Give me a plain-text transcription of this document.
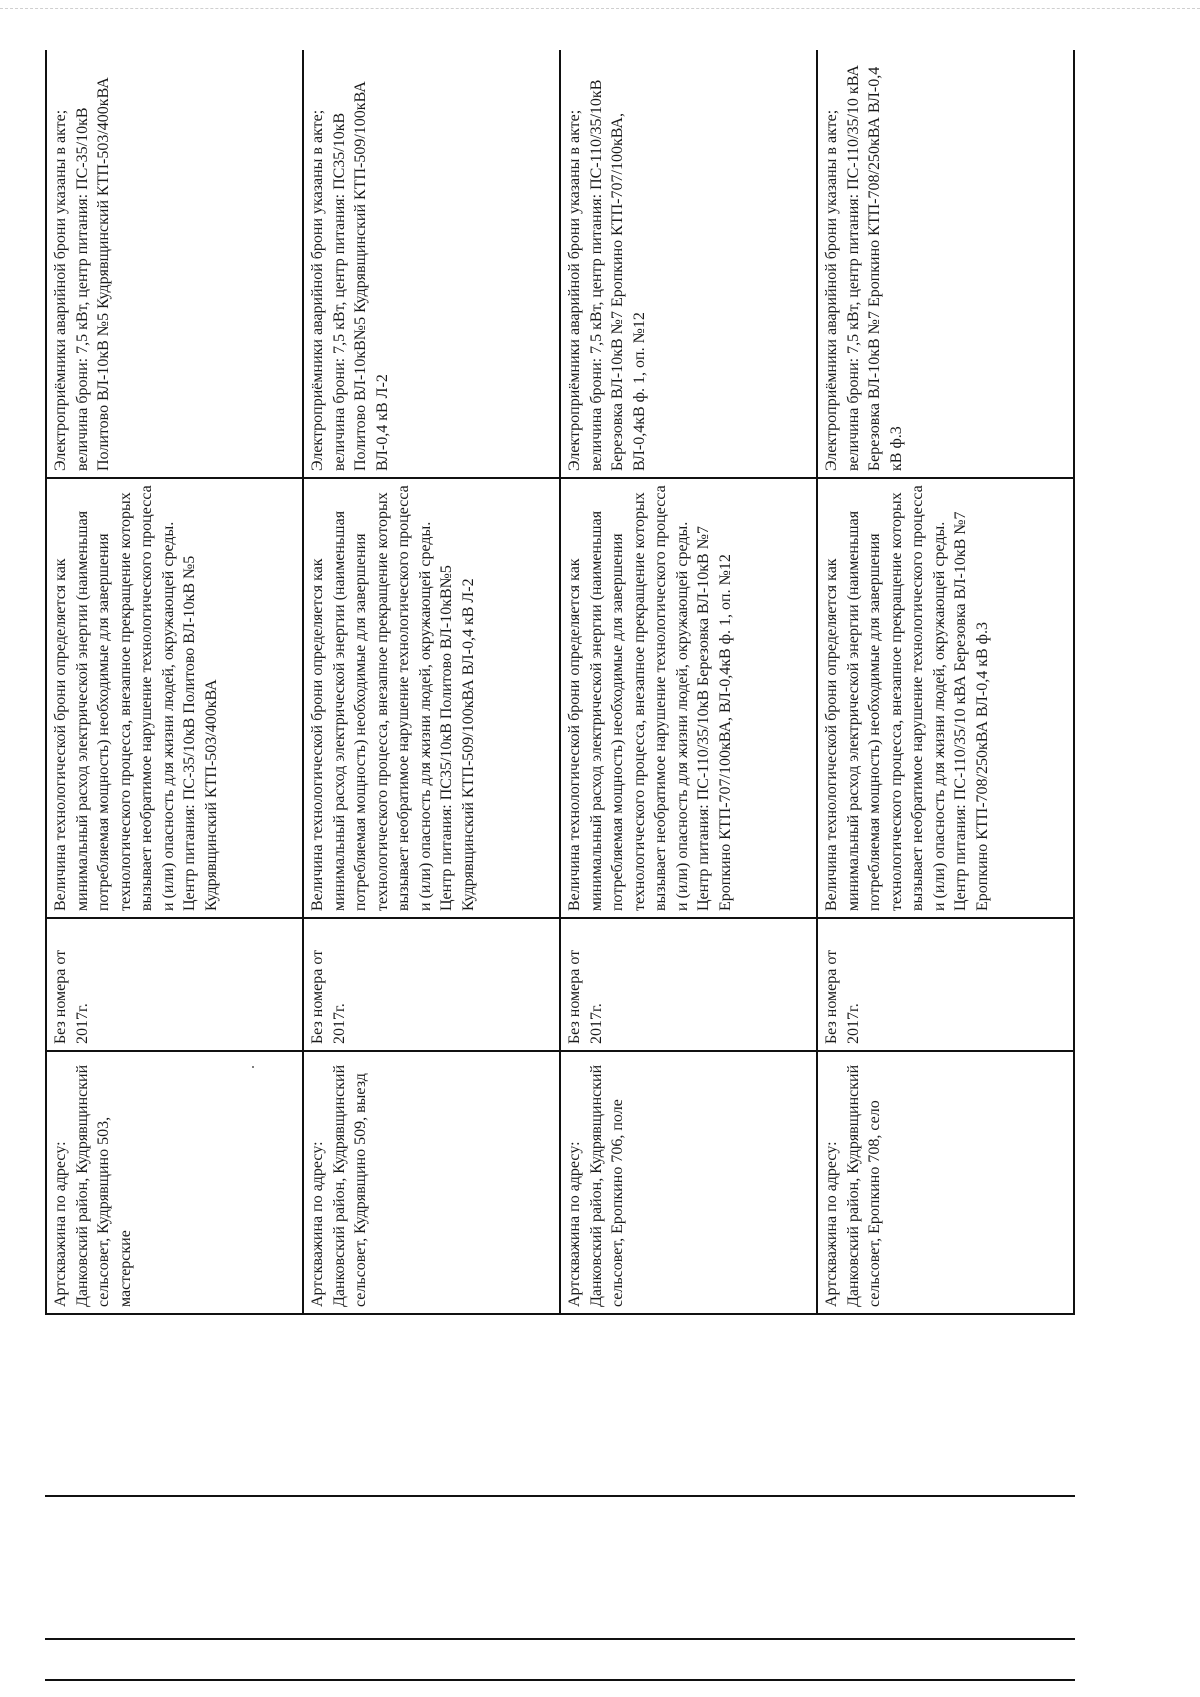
Артскважина по адресу: Данковский район, Кудрявщинский сельсовет, Кудрявщино 503, мастерские	Без номера от 2017г.	Величина технологической брони определяется как минимальный расход электрической энергии (наименьшая потребляемая мощность) необходимые для завершения технологического процесса, внезапное прекращение которых вызывает необратимое нарушение технологического процесса и (или) опасность для жизни людей, окружающей среды. Центр питания: ПС-35/10кВ Политово ВЛ-10кВ №5 Кудрявщинский КТП-503/400кВА	Электроприёмники аварийной брони указаны в акте; величина брони: 7,5 кВт, центр питания: ПС-35/10кВ Политово ВЛ-10кВ №5 Кудрявщинский КТП-503/400кВА
Артскважина по адресу: Данковский район, Кудрявщинский сельсовет, Кудрявщино 509, выезд	Без номера от 2017г.	Величина технологической брони определяется как минимальный расход электрической энергии (наименьшая потребляемая мощность) необходимые для завершения технологического процесса, внезапное прекращение которых вызывает необратимое нарушение технологического процесса и (или) опасность для жизни людей, окружающей среды. Центр питания: ПС35/10кВ Политово ВЛ-10кВ№5 Кудрявщинский КТП-509/100кВА ВЛ-0,4 кВ Л-2	Электроприёмники аварийной брони указаны в акте; величина брони: 7,5 кВт, центр питания: ПС35/10кВ Политово ВЛ-10кВ№5 Кудрявщинский КТП-509/100кВА ВЛ-0,4 кВ Л-2
Артскважина по адресу: Данковский район, Кудрявщинский сельсовет, Еропкино 706, поле	Без номера от 2017г.	Величина технологической брони определяется как минимальный расход электрической энергии (наименьшая потребляемая мощность) необходимые для завершения технологического процесса, внезапное прекращение которых вызывает необратимое нарушение технологического процесса и (или) опасность для жизни людей, окружающей среды. Центр питания: ПС-110/35/10кВ Березовка ВЛ-10кВ №7 Еропкино КТП-707/100кВА, ВЛ-0,4кВ ф. 1, оп. №12	Электроприёмники аварийной брони указаны в акте; величина брони: 7,5 кВт, центр питания: ПС-110/35/10кВ Березовка ВЛ-10кВ №7 Еропкино КТП-707/100кВА, ВЛ-0,4кВ ф. 1, оп. №12
Артскважина по адресу: Данковский район, Кудрявщинский сельсовет, Еропкино 708, село	Без номера от 2017г.	Величина технологической брони определяется как минимальный расход электрической энергии (наименьшая потребляемая мощность) необходимые для завершения технологического процесса, внезапное прекращение которых вызывает необратимое нарушение технологического процесса и (или) опасность для жизни людей, окружающей среды. Центр питания: ПС-110/35/10 кВА Березовка ВЛ-10кВ №7 Еропкино КТП-708/250кВА ВЛ-0,4 кВ ф.3	Электроприёмники аварийной брони указаны в акте; величина брони: 7,5 кВт, центр питания: ПС-110/35/10 кВА Березовка ВЛ-10кВ №7 Еропкино КТП-708/250кВА ВЛ-0,4 кВ ф.3
